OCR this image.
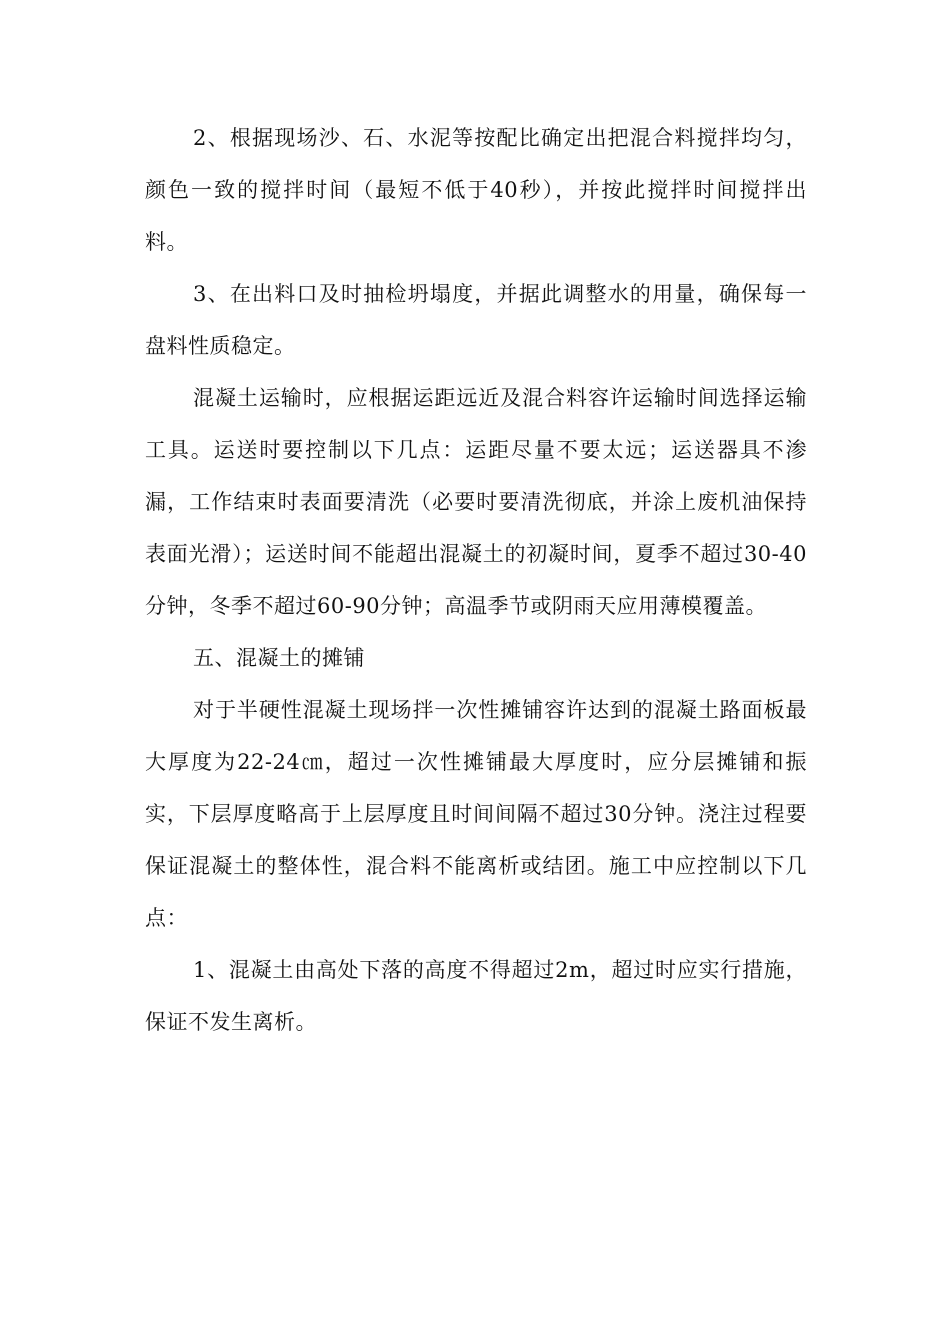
2、根据现场沙、石、水泥等按配比确定出把混合料搅拌均匀，颜色一致的搅拌时间（最短不低于40秒），并按此搅拌时间搅拌出料。

3、在出料口及时抽检坍塌度，并据此调整水的用量，确保每一盘料性质稳定。

混凝土运输时，应根据运距远近及混合料容许运输时间选择运输工具。运送时要控制以下几点：运距尽量不要太远；运送器具不渗漏，工作结束时表面要清洗（必要时要清洗彻底，并涂上废机油保持表面光滑）；运送时间不能超出混凝土的初凝时间，夏季不超过30-40分钟，冬季不超过60-90分钟；高温季节或阴雨天应用薄模覆盖。

五、混凝土的摊铺

对于半硬性混凝土现场拌一次性摊铺容许达到的混凝土路面板最大厚度为22-24㎝，超过一次性摊铺最大厚度时，应分层摊铺和振实，下层厚度略高于上层厚度且时间间隔不超过30分钟。浇注过程要保证混凝土的整体性，混合料不能离析或结团。施工中应控制以下几点：

1、混凝土由高处下落的高度不得超过2m，超过时应实行措施，保证不发生离析。
